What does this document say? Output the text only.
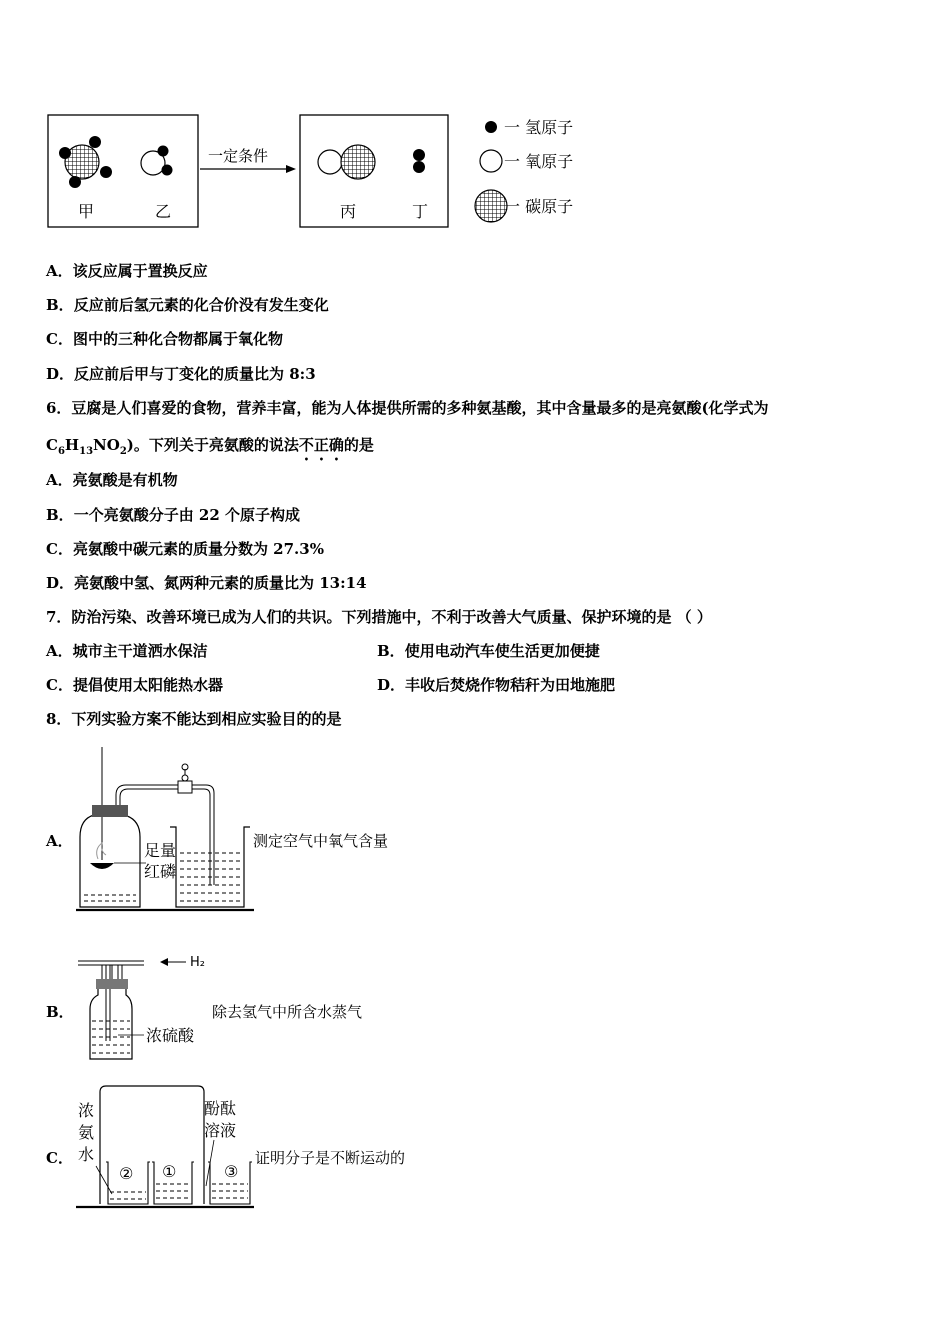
甲	乙
一定条件
丙	丁
一 氢原子
一 氧原子
一 碳原子
A．该反应属于置换反应
B．反应前后氢元素的化合价没有发生变化
C．图中的三种化合物都属于氧化物
D．反应前后甲与丁变化的质量比为 8:3
6．豆腐是人们喜爱的食物，营养丰富，能为人体提供所需的多种氨基酸，其中含量最多的是亮氨酸(化学式为
$C_6H_{13}NO_2$)。下列关于亮氨酸的说法不正确的是
A．亮氨酸是有机物
B．一个亮氨酸分子由 22 个原子构成
C．亮氨酸中碳元素的质量分数为 27.3%
D．亮氨酸中氢、氮两种元素的质量比为 13:14
7．防治污染、改善环境已成为人们的共识。下列措施中，不利于改善大气质量、保护环境的是 （ ）
A．城市主干道洒水保洁	B．使用电动汽车使生活更加便捷
C．提倡使用太阳能热水器	D．丰收后焚烧作物秸秆为田地施肥
8．下列实验方案不能达到相应实验目的的是
A．	足量
红磷
测定空气中氧气含量
B．
H₂
浓硫酸
除去氢气中所含水蒸气
C．
浓
氨
水
酚酞
溶液
② ①	③
证明分子是不断运动的
